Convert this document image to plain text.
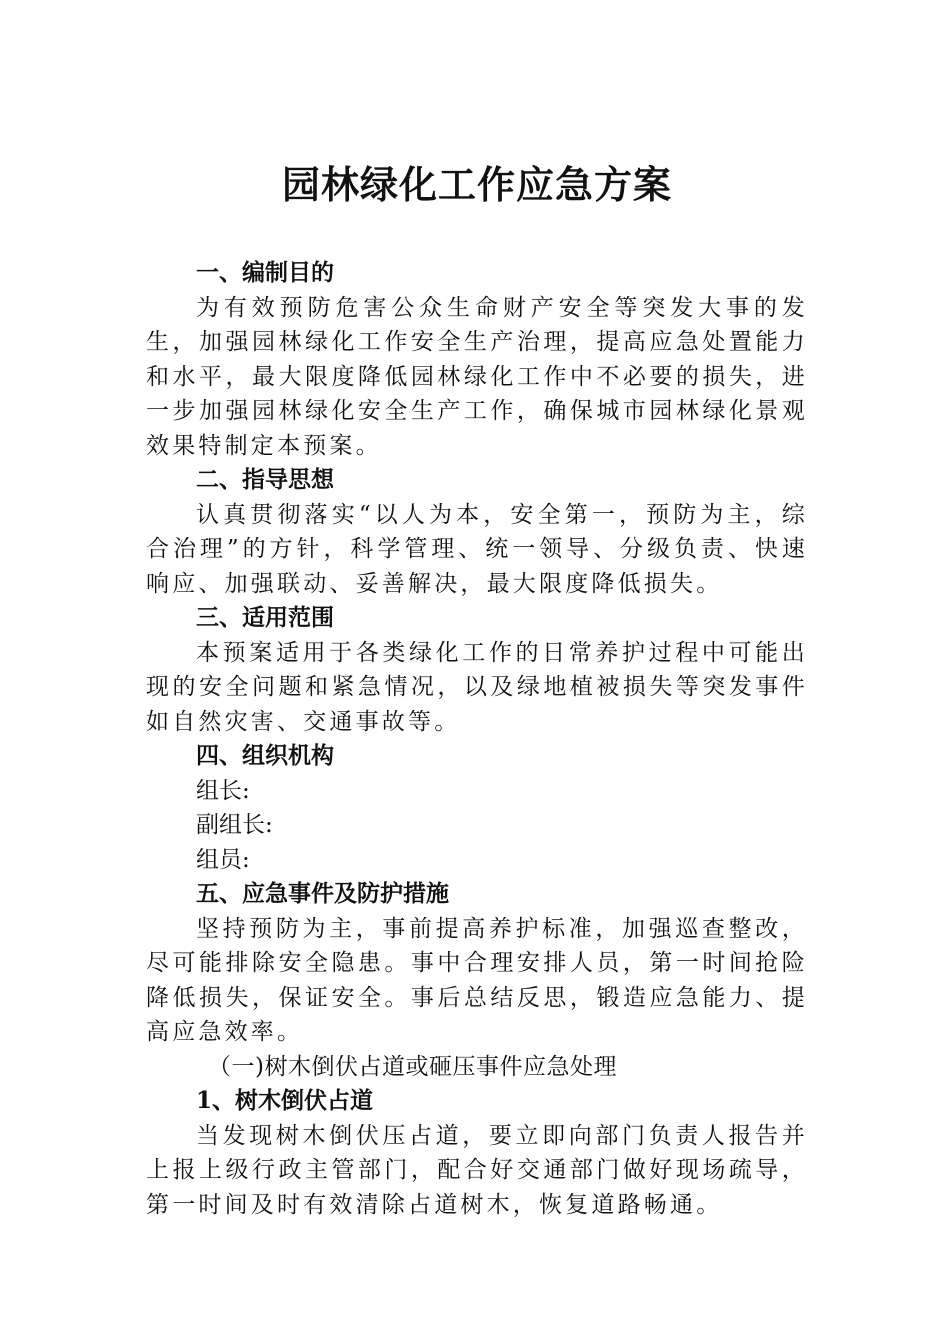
园林绿化工作应急方案

一、编制目的

为有效预防危害公众生命财产安全等突发大事的发生，加强园林绿化工作安全生产治理，提高应急处置能力和水平，最大限度降低园林绿化工作中不必要的损失，进一步加强园林绿化安全生产工作，确保城市园林绿化景观效果特制定本预案。

二、指导思想

认真贯彻落实“以人为本，安全第一，预防为主，综合治理”的方针，科学管理、统一领导、分级负责、快速响应、加强联动、妥善解决，最大限度降低损失。

三、适用范围

本预案适用于各类绿化工作的日常养护过程中可能出现的安全问题和紧急情况，以及绿地植被损失等突发事件如自然灾害、交通事故等。

四、组织机构

组长:

副组长:

组员:

五、应急事件及防护措施

坚持预防为主，事前提高养护标准，加强巡查整改，尽可能排除安全隐患。事中合理安排人员，第一时间抢险降低损失，保证安全。事后总结反思，锻造应急能力、提高应急效率。

（一)树木倒伏占道或砸压事件应急处理

1、树木倒伏占道

当发现树木倒伏压占道，要立即向部门负责人报告并上报上级行政主管部门，配合好交通部门做好现场疏导，第一时间及时有效清除占道树木，恢复道路畅通。
